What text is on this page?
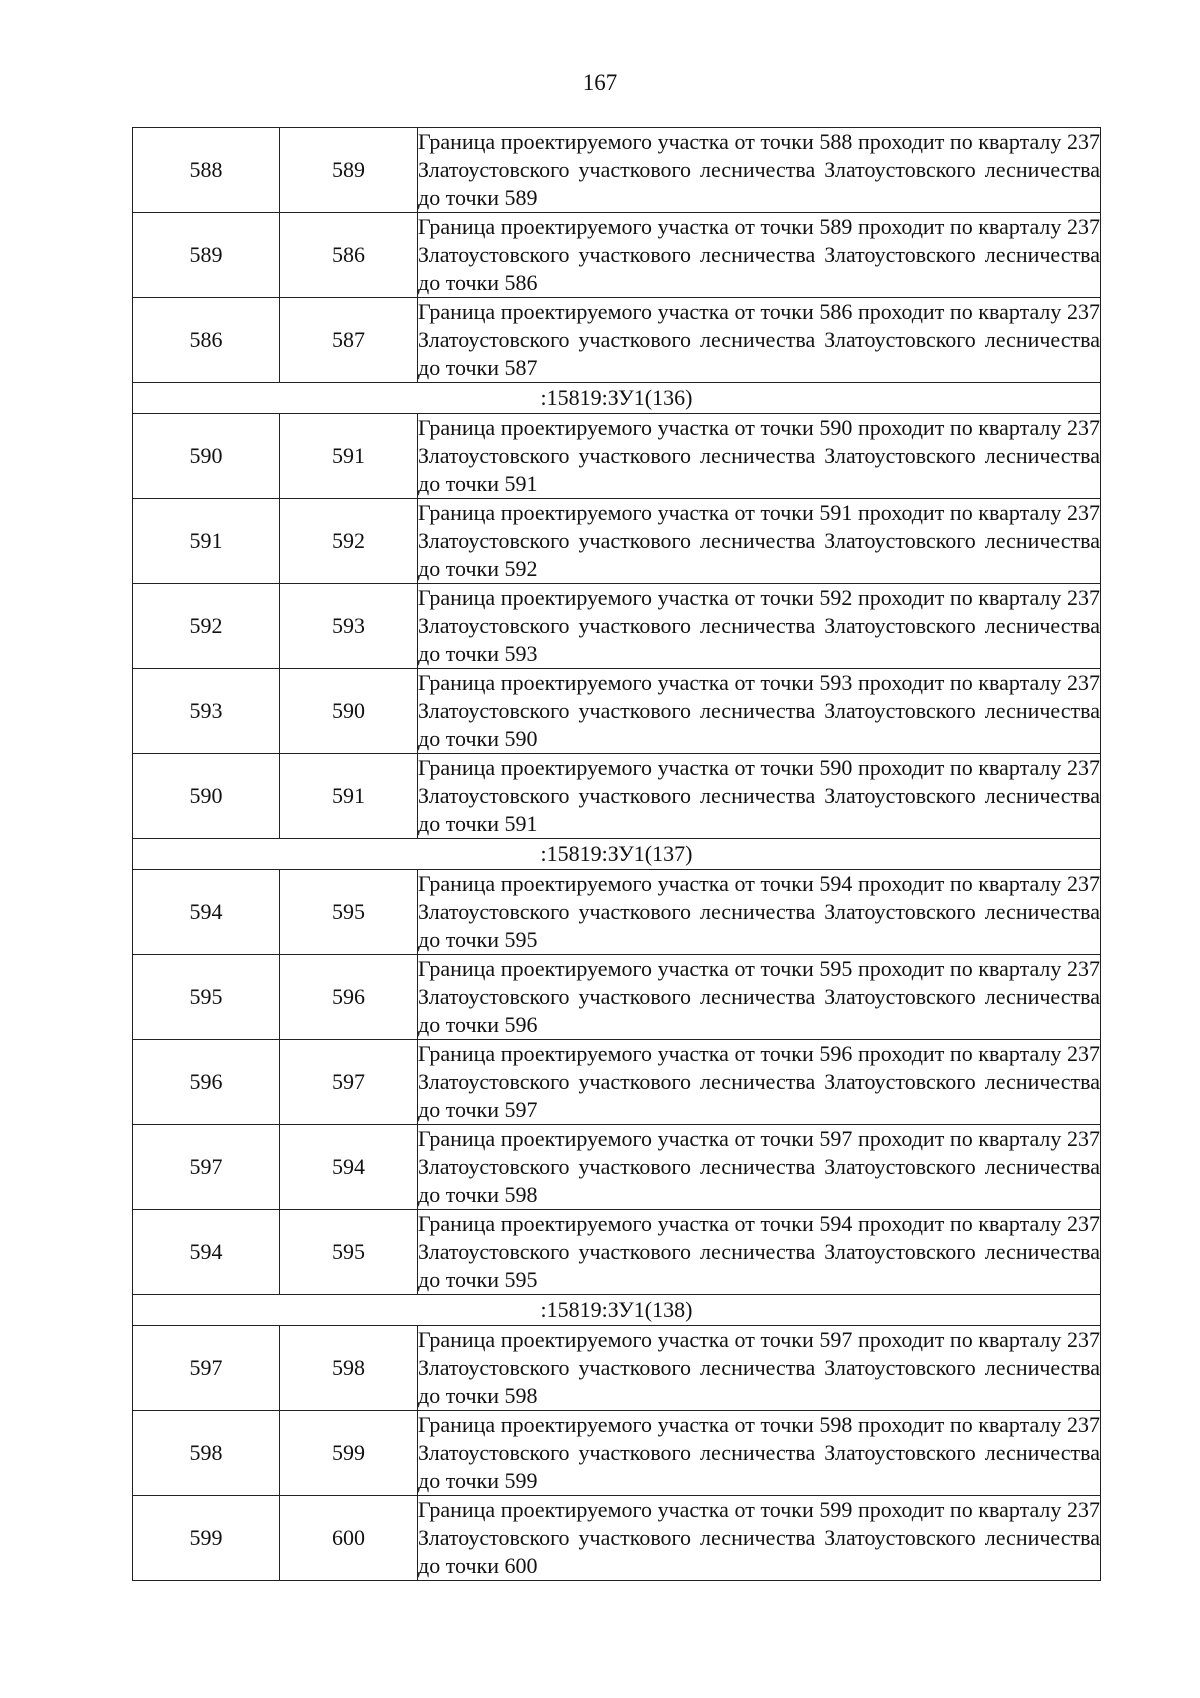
167
588	589	Граница проектируемого участка от точки 588 проходит по кварталу 237 Златоустовского участкового лесничества Златоустовского лесничества до точки 589
589	586	Граница проектируемого участка от точки 589 проходит по кварталу 237 Златоустовского участкового лесничества Златоустовского лесничества до точки 586
586	587	Граница проектируемого участка от точки 586 проходит по кварталу 237 Златоустовского участкового лесничества Златоустовского лесничества до точки 587
:15819:ЗУ1(136)		
590	591	Граница проектируемого участка от точки 590 проходит по кварталу 237 Златоустовского участкового лесничества Златоустовского лесничества до точки 591
591	592	Граница проектируемого участка от точки 591 проходит по кварталу 237 Златоустовского участкового лесничества Златоустовского лесничества до точки 592
592	593	Граница проектируемого участка от точки 592 проходит по кварталу 237 Златоустовского участкового лесничества Златоустовского лесничества до точки 593
593	590	Граница проектируемого участка от точки 593 проходит по кварталу 237 Златоустовского участкового лесничества Златоустовского лесничества до точки 590
590	591	Граница проектируемого участка от точки 590 проходит по кварталу 237 Златоустовского участкового лесничества Златоустовского лесничества до точки 591
:15819:ЗУ1(137)		
594	595	Граница проектируемого участка от точки 594 проходит по кварталу 237 Златоустовского участкового лесничества Златоустовского лесничества до точки 595
595	596	Граница проектируемого участка от точки 595 проходит по кварталу 237 Златоустовского участкового лесничества Златоустовского лесничества до точки 596
596	597	Граница проектируемого участка от точки 596 проходит по кварталу 237 Златоустовского участкового лесничества Златоустовского лесничества до точки 597
597	594	Граница проектируемого участка от точки 597 проходит по кварталу 237 Златоустовского участкового лесничества Златоустовского лесничества до точки 598
594	595	Граница проектируемого участка от точки 594 проходит по кварталу 237 Златоустовского участкового лесничества Златоустовского лесничества до точки 595
:15819:ЗУ1(138)		
597	598	Граница проектируемого участка от точки 597 проходит по кварталу 237 Златоустовского участкового лесничества Златоустовского лесничества до точки 598
598	599	Граница проектируемого участка от точки 598 проходит по кварталу 237 Златоустовского участкового лесничества Златоустовского лесничества до точки 599
599	600	Граница проектируемого участка от точки 599 проходит по кварталу 237 Златоустовского участкового лесничества Златоустовского лесничества до точки 600
